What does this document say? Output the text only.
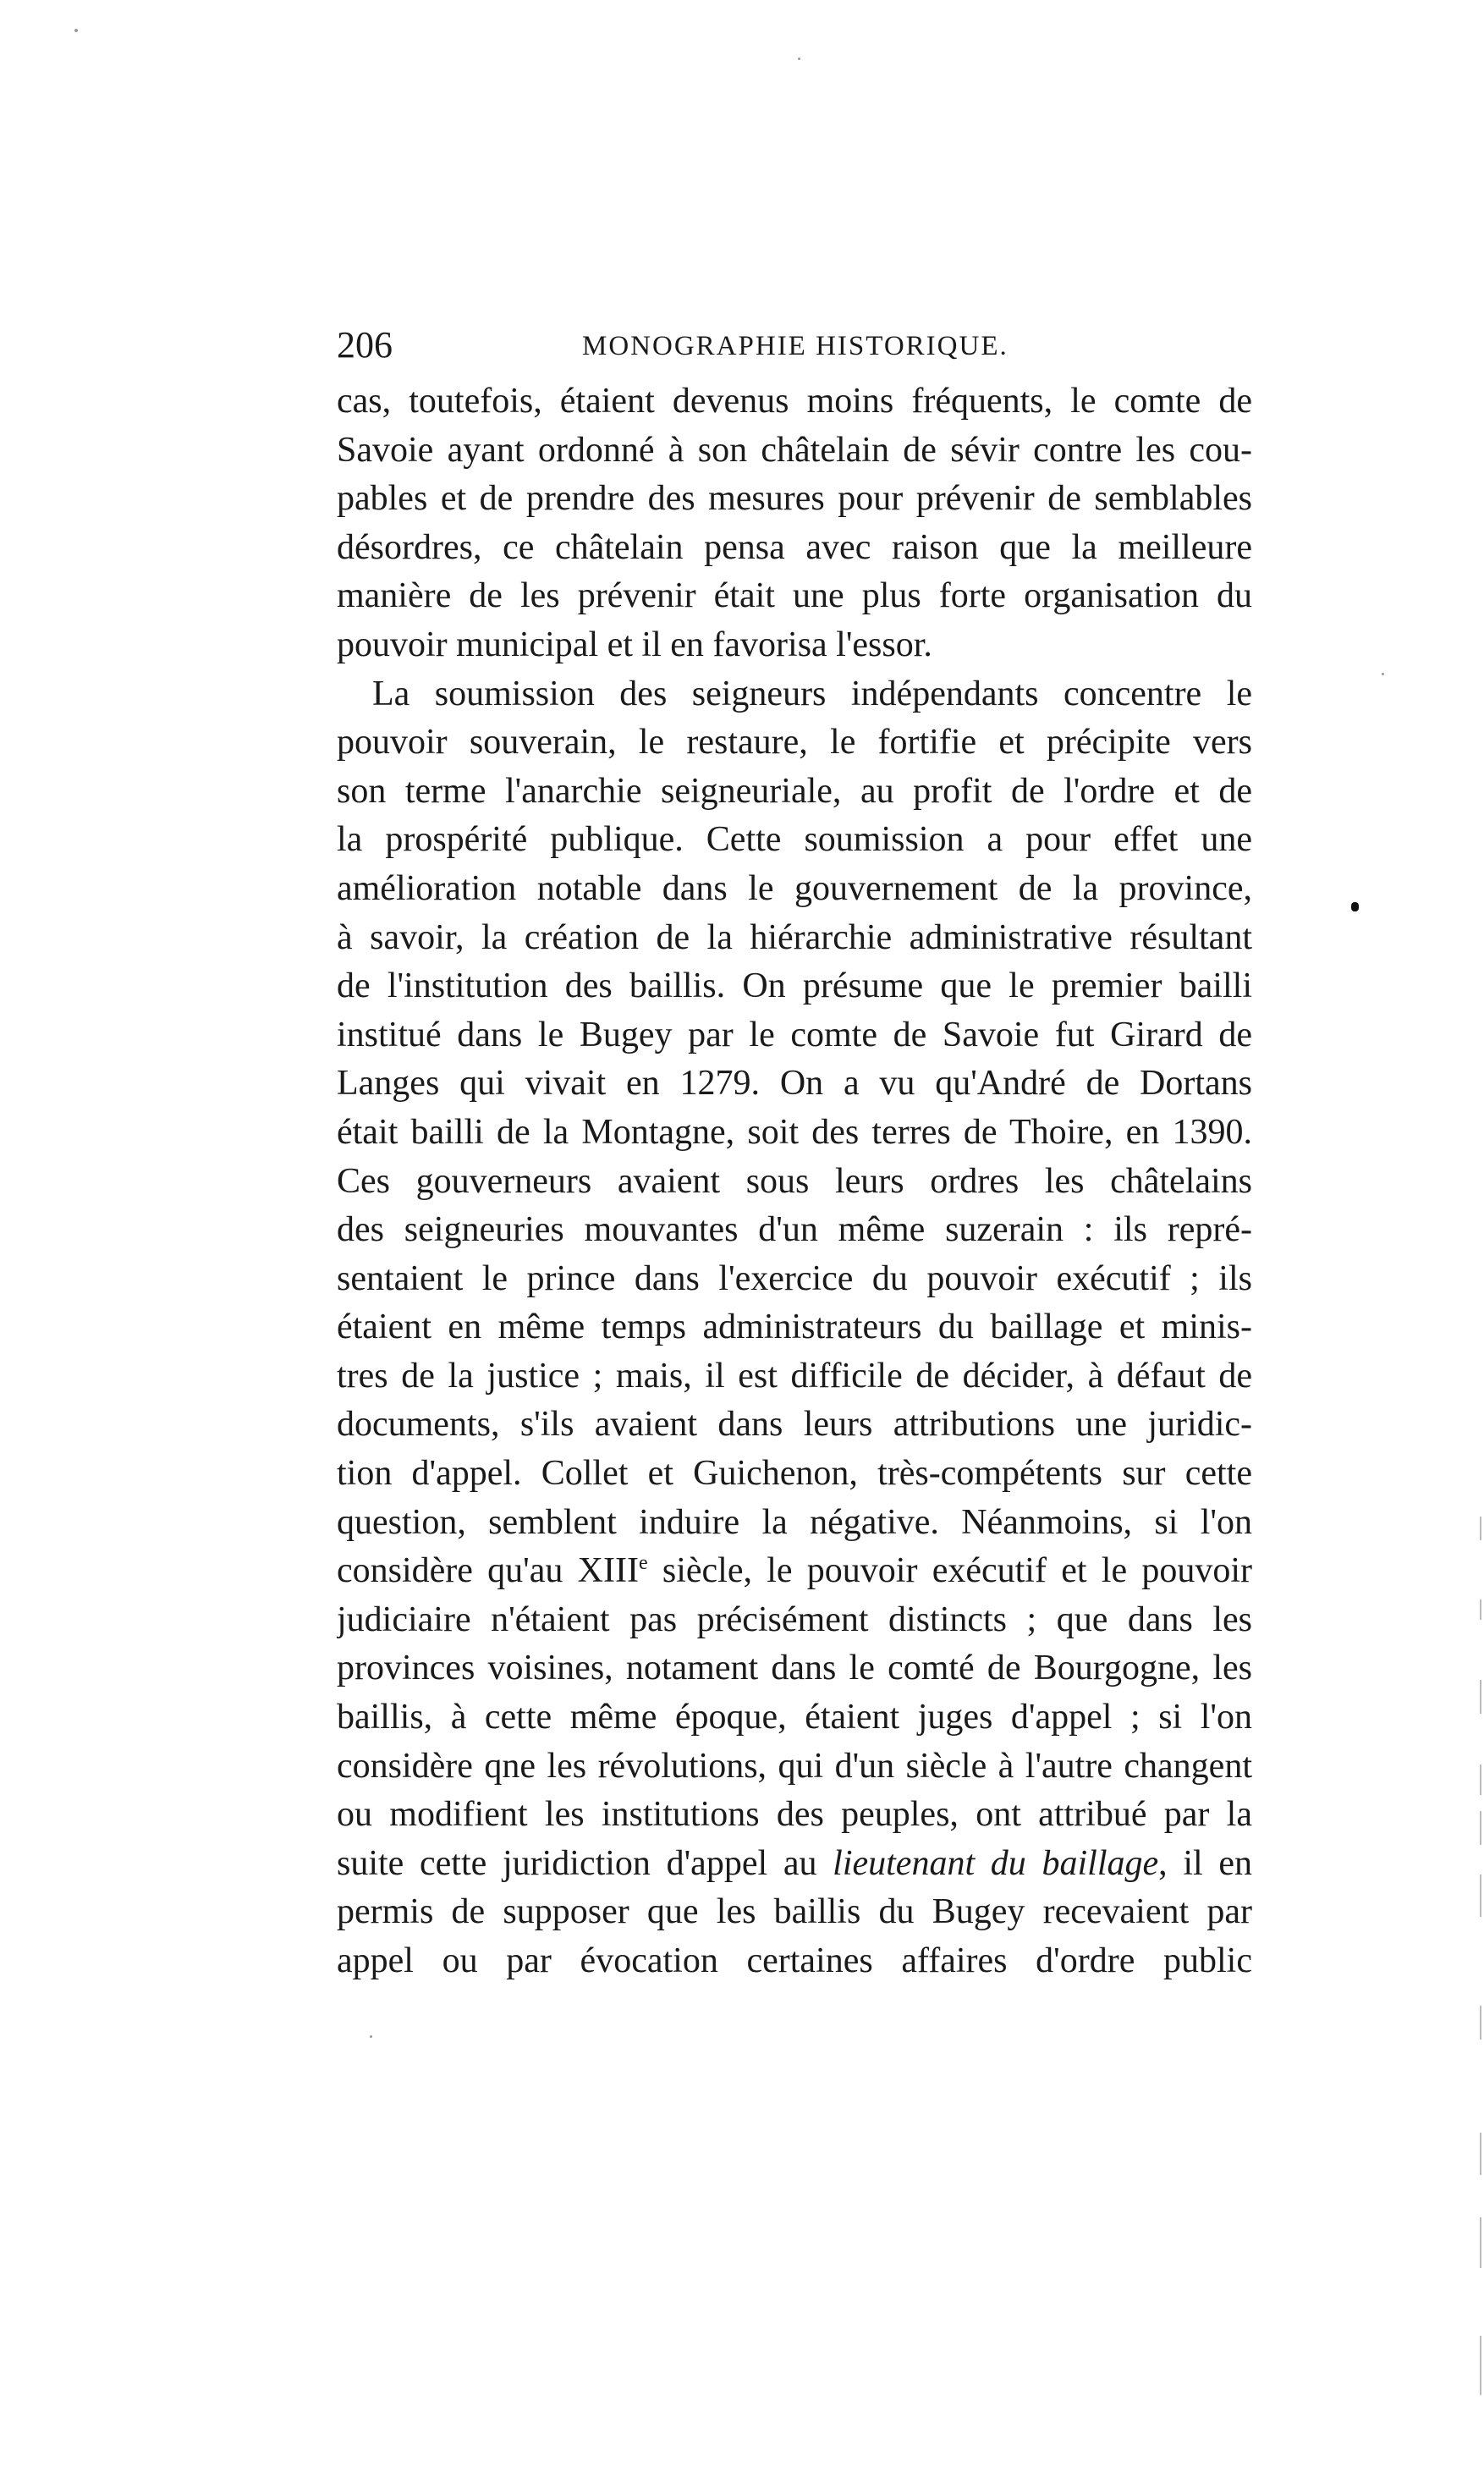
206	MONOGRAPHIE HISTORIQUE.
cas, toutefois, étaient devenus moins fréquents, le comte de
Savoie ayant ordonné à son châtelain de sévir contre les cou-
pables et de prendre des mesures pour prévenir de semblables
désordres, ce châtelain pensa avec raison que la meilleure
manière de les prévenir était une plus forte organisation du
pouvoir municipal et il en favorisa l'essor.
La soumission des seigneurs indépendants concentre le
pouvoir souverain, le restaure, le fortifie et précipite vers
son terme l'anarchie seigneuriale, au profit de l'ordre et de
la prospérité publique. Cette soumission a pour effet une
amélioration notable dans le gouvernement de la province,
à savoir, la création de la hiérarchie administrative résultant
de l'institution des baillis. On présume que le premier bailli
institué dans le Bugey par le comte de Savoie fut Girard de
Langes qui vivait en 1279. On a vu qu'André de Dortans
était bailli de la Montagne, soit des terres de Thoire, en 1390.
Ces gouverneurs avaient sous leurs ordres les châtelains
des seigneuries mouvantes d'un même suzerain : ils repré-
sentaient le prince dans l'exercice du pouvoir exécutif ; ils
étaient en même temps administrateurs du baillage et minis-
tres de la justice ; mais, il est difficile de décider, à défaut de
documents, s'ils avaient dans leurs attributions une juridic-
tion d'appel. Collet et Guichenon, très-compétents sur cette
question, semblent induire la négative. Néanmoins, si l'on
considère qu'au XIIIe siècle, le pouvoir exécutif et le pouvoir
judiciaire n'étaient pas précisément distincts ; que dans les
provinces voisines, notament dans le comté de Bourgogne, les
baillis, à cette même époque, étaient juges d'appel ; si l'on
considère qne les révolutions, qui d'un siècle à l'autre changent
ou modifient les institutions des peuples, ont attribué par la
suite cette juridiction d'appel au lieutenant du baillage, il en
permis de supposer que les baillis du Bugey recevaient par
appel ou par évocation certaines affaires d'ordre public
